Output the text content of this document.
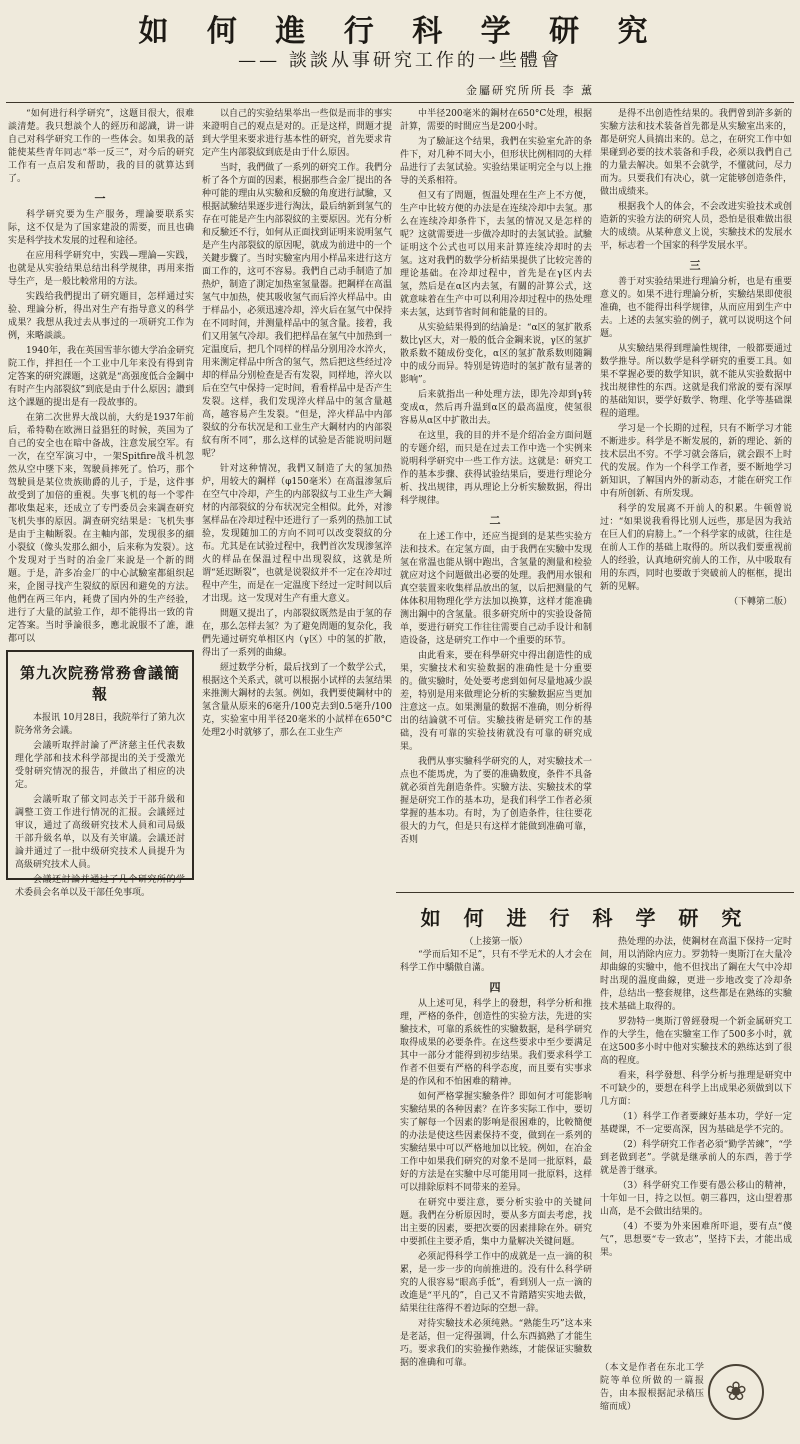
如 何 進 行 科 学 研 究
—— 談談从事研究工作的一些體會
金屬研究所所長 李 薰

“如何进行科学研究”，这题目很大，很难談清楚。我只想談个人的經历和認識，讲一讲自己对科学研究工作的一些体会。如果我的話能使某些青年同志“举一反三”，对今后的研究工作有一点启发和帮助，我的目的就算达到了。

一

科学研究要为生产服务，理論要联系实际，这不仅是为了国家建設的需要，而且也确实是科学技术发展的过程和途径。

在应用科学研究中，实践—理論—实践，也就是从实验结果总结出科学规律，再用来指导生产，是一般比較常用的方法。

实践给我們提出了研究題目，怎样通过实验、理論分析，得出对生产有指导意义的科学成果？我想从我过去从事过的一项研究工作为例，来略談談。

1940年，我在英国雪菲尔德大学冶金研究院工作，拌担任一个工业中几年来没有得到肯定答案的研究課題，这就是“高强度低合金鋼中有时产生内部裂紋”到底是由于什么原因；讚到这个課題的提出是有一段故事的。

在第二次世界大战以前，大約是1937年前后，希特勒在欧洲日益猖狂的时候，英国为了自己的安全也在暗中备战，注意发展空军。有一次，在空军演习中，一架Spitfire战斗机忽然从空中墜下来，驾駛員摔死了。恰巧，那个驾駛員是某位贵族勛爵的儿子，于是，这件事故受到了加倍的重視。失事飞机的每一个零件都收集起来，还成立了专門委员会来調查研究飞机失事的原因。調查研究结果是：飞机失事是由于主軸断裂。在主軸内部，发现很多的細小裂紋（像头发那么細小，后来称为发裂）。这个发现对于当时的冶金厂来說是一个新的問題。于是，許多冶金厂的中心試驗室都組织起来，企图寻找产生裂紋的原因和避免的方法。他們在两三年内，耗费了国内外的生产经验，进行了大量的試验工作，却不能得出一致的肯定答案。当时爭論很多，應北說服不了誰，誰都可以

第九次院務常務會議簡報

本报讯 10月28日，我院举行了第九次院务常务会議。

会議听取拌討論了严济慈主任代表数理化学部和技术科学部提出的关于受激光受射研究情况的报告，并做出了相应的决定。

会議听取了郁文同志关于干部升級和調整工资工作进行情况的汇报。会議經过审议，通过了高级研究技术人員和司局級干部升級名单，以及有关审議。会議还討論并通过了一批中级研究技术人員提升为高級研究技术人員。

会議还討論并通过了几个研究所的学术委員会名单以及干部任免事项。

以自己的实验结果举出一些似是而非的事实来證明自己的观点是对的。正是这样，問題才提到大学里来要求进行基本性的研究，首先要求肯定产生内部裂紋到底是由于什么原因。

当时，我們做了一系列的研究工作。我們分析了各个方面的因素，根据那些合金厂提出的各种可能的理由从实驗和反驗的角度进行試驗，又根据試驗结果逐步进行淘汰，最后纳新到氢气的存在可能是产生内部裂紋的主要原因。光有分析和反驗还不行，如何从正面找到证明来说明氢气是产生内部裂紋的原因呢，就成为前进中的一个关鍵步驟了。当时实驗室内用小样品来进行这方面工作的，这可不容易。我們自己动手制造了加热炉，制造了測定加热室氢量器。把鋼样在高温氢气中加热，使其吸收氢气而后淬火样品中。由于样品小，必须迅速冷却，淬火后在氢气中保持在不同时间，并测量样品中的氢含量。接着，我们又用氢气冷却。我们把样品在氢气中加热到一定温度后，把几个同样的样品分别用冷水淬火，用来测定样品中所含的氢气，然后把这些经过冷却的样品分别检查是否有发裂，同样地，淬火以后在空气中保持一定时间，看看样品中是否产生发裂。这样，我们发现淬火样品中的氢含量越高，越容易产生发裂。“但是，淬火样品中内部裂紋的分布状况是和工业生产大鋼材内的内部裂紋有所不同”，那么这样的试验是否能说明问题呢？

针对这种情况，我們又制造了大的氢加热炉，用较大的鋼样（φ150毫米）在高温渗氢后在空气中冷却，产生的内部裂紋与工业生产大鋼材的内部裂紋的分布状况完全相似。此外，对渗氢样品在冷却过程中还进行了一系列的热加工试验，发现随加工的方向不同可以改变裂紋的分布。尤其是在试验过程中，我們首次发现渗氢淬火的样品在保温过程中出现裂紋，这就是所谓“延迟断裂”，也就是说裂紋并不一定在冷却过程中产生，而是在一定温度下经过一定时间以后才出现。这一发现对生产有重大意义。

問題又提出了，内部裂紋既然是由于氢的存在，那么怎样去氢？为了避免問題的复杂化，我們先通过研究单相区内（γ区）中的氢的扩散，得出了一系列的曲線。

經过数学分析，最后找到了一个数学公式，根据这个关系式，就可以根据小试样的去氢结果来推测大鋼材的去氢。例如，我們要使鋼材中的氢含量从原来的6毫升/100克去到0.5毫升/100克，实验室中用半径20毫米的小試样在650°C处理2小时就够了，那么在工业生产

中半径200毫米的鋼材在650°C处理，根据計算，需要的时間应当是200小时。

为了驗証这个结果，我們在实验室允許的条件下，对几种不同大小，但形状比例相同的大样品进行了去氢试验。实验结果证明完全与以上推导的关系相符。

但又有了問題，恆温处理在生产上不方便，生产中比较方便的办法是在连续冷却中去氢。那么在连续冷却条件下，去氢的情况又是怎样的呢？这就需要进一步做冷却时的去氢试验。試驗证明这个公式也可以用来計算连续冷却时的去氢。这对我們的数学分析結果提供了比较完善的理论基础。在冷却过程中，首先是在γ区内去氢，然后是在α区内去氢，有關的計算公式，这就意味着在生产中可以利用冷却过程中的热处理来去氢，达到节省时间和能量的目的。

从实验結果得到的结論是：“α区的氢扩散系数比γ区大，对一般的低合金鋼来说，γ区的氢扩散系数不随成份变化，α区的氢扩散系数则随鋼中的成分而异。特别是铸造时的氢扩散有显著的影响”。

后来就指出一种处理方法，即先冷却到γ转变成α，然后再升温到α区的最高温度，使氢很容易从α区中扩散出去。

在这里，我的目的并不是介绍冶金方面问题的专题介绍，而只是在过去工作中选一个实例来说明科学研究中一些工作方法。这就是：研究工作的基本步骤、获得试验结果后，要进行理论分析、找出规律，再从理论上分析实驗数据，得出科学规律。

二

在上述工作中，还应当提到的是某些实验方法和技术。在定氢方面，由于我們在实驗中发现氢在常温也能从钢中跑出，含氢量的测量和检验就应对这个问题做出必要的处理。我們用水银和真空装置来收集样品放出的氢，以后把测量的气体体积用物理化学方法加以换算，这样才能准确测出鋼中的含氢量。很多研究所中的实验设备简单，要进行研究工作往往需要自己动手设计和制造设备，这是研究工作中一个重要的环节。

由此看来，要在科學研究中得出創造性的成果，实驗技术和实验数据的准确性是十分重要的。做实驗时，处处要考虑到如何尽量地减少誤差，特别是用来做理论分析的实驗数据应当更加注意这一点。如果测量的数据不准确，则分析得出的结論就不可信。实驗技術是研究工作的基础，没有可靠的实验技術就没有可靠的研究成果。

我們从事实驗科学研究的人，对实驗技术一点也不能馬虎，为了要的准确数度，条件不具备就必須首先創造条件。实驗方法、实驗技术的掌握是研究工作的基本功，是我们科学工作者必须掌握的基本功。有时，为了创造条件，往往要花很大的力气，但是只有这样才能做到准确可靠，否则

是得不出创造性结果的。我們曾到許多新的实驗方法和技术装备首先都是从实驗室出来的，都是研究人員搞出来的。总之，在研究工作中如果碰到必要的技术装备和手段，必须以我們自己的力量去解决。如果不会就学，不懂就问，尽力而为。只要我们有决心，就一定能够创造条件，做出成绩来。

根据我个人的体会，不会改进实验技术或创造新的实验方法的研究人员，恐怕是很难做出很大的成绩。从某种意义上说，实驗技术的发展水平，标志着一个国家的科学发展水平。

三

善于对实验结果进行理論分析，也是有重要意义的。如果不进行理論分析，实驗结果即使很准确，也不能得出科学规律，从而应用到生产中去。上述的去氢实验的例子，就可以说明这个问题。

从实驗结果得到理論性规律，一般都要通过数学推导。所以数学是科学研究的重要工具。如果不掌握必要的数学知识，就不能从实验数据中找出规律性的东西。这就是我们常說的要有深厚的基础知识，要学好数学、物理、化学等基础课程的道理。

学习是一个长期的过程，只有不断学习才能不断进步。科学是不断发展的，新的理论、新的技术层出不穷。不学习就会落后，就会跟不上时代的发展。作为一个科学工作者，要不断地学习新知识，了解国内外的新动态，才能在研究工作中有所创新、有所发现。

科学的发展离不开前人的积累。牛顿曾说过：“如果说我看得比别人远些，那是因为我站在巨人们的肩膀上。”一个科学家的成就，往往是在前人工作的基础上取得的。所以我们要重视前人的经验，认真地研究前人的工作，从中吸取有用的东西，同时也要敢于突破前人的框框，提出新的见解。

（下轉第二版）
如 何 进 行 科 学 研 究
（上接第一版）

“学而后知不足”，只有不学无术的人才会在科学工作中驕傲自滿。

四

从上述可见，科学上的發想，科学分析和推理，严格的条件，创造性的实验方法，先进的实驗技术，可靠的系統性的实驗数据，是科学研究取得成果的必要条件。在这些要求中至少要满足其中一部分才能得到初步结果。我们要求科学工作者不但要有严格的科学态度，而且要有实事求是的作风和不怕困难的精神。

如何严格掌握实驗条件？即如何才可能影响实驗结果的各种因素？在许多实际工作中，要切实了解每一个因素的影响是很困难的，比較簡便的办法是使这些因素保持不变，做到在一系列的实驗结果中可以严格地加以比较。例如，在冶金工作中如果我们研究的对象不是同一批原料，最好的方法是在实驗中尽可能用同一批原料，这样可以排除原料不同带来的差异。

在研究中要注意，要分析实验中的关键问题。我們在分析原因时，要从多方面去考虑，找出主要的因素，要把次要的因素排除在外。研究中要抓住主要矛盾，集中力量解决关键问题。

必须記得科学工作中的成就是一点一滴的积累，是一步一步的向前推进的。没有什么科学研究的人很容易“眼高手低”，看到别人一点一滴的改進是“平凡的”，自己又不肯踏踏实实地去做，結果往往落得不着边际的空想一辞。

对待实驗技术必须纯熟。“熟能生巧”这本来是老話，但一定得强调，什么东西搞熟了才能生巧。要求我们的实验操作熟练，才能保证实驗数据的准确和可靠。

热处理的办法，使鋼材在高温下保持一定时间，用以消除内应力。罗勃特一奥斯汀在大量冷却曲線的实驗中，他不但找出了鋼在大气中冷却时出现的温度曲線，更进一步地改变了冷却条件，总结出一整套规律，这些都是在熟练的实驗技术基础上取得的。

罗勃特一奥斯汀曾經發現一个新金属研究工作的大学生，他在实驗室工作了500多小时，就在这500多小时中他对实驗技术的熟练达到了很高的程度。

看来，科学發想、科学分析与推理是研究中不可缺少的，要想在科学上出成果必须做到以下几方面：

（1）科学工作者要練好基本功，学好一定基礎课，不一定要高深，因为基础是学不完的。

（2）科学研究工作者必須“勤学苦練”，“学到老做到老”。学就是继承前人的东西，善于学就是善于继承。

（3）科学研究工作要有愚公移山的精神，十年如一日，持之以恒。朝三暮四，这山望着那山高，是不会做出结果的。

（4）不要为外来困难所吓退，要有点“傻气”，思想要“专一致志”，坚持下去，才能出成果。

（本文是作者在东北工学院等单位所做的一篇报告，由本报根据記录稿压缩而成）	❀
